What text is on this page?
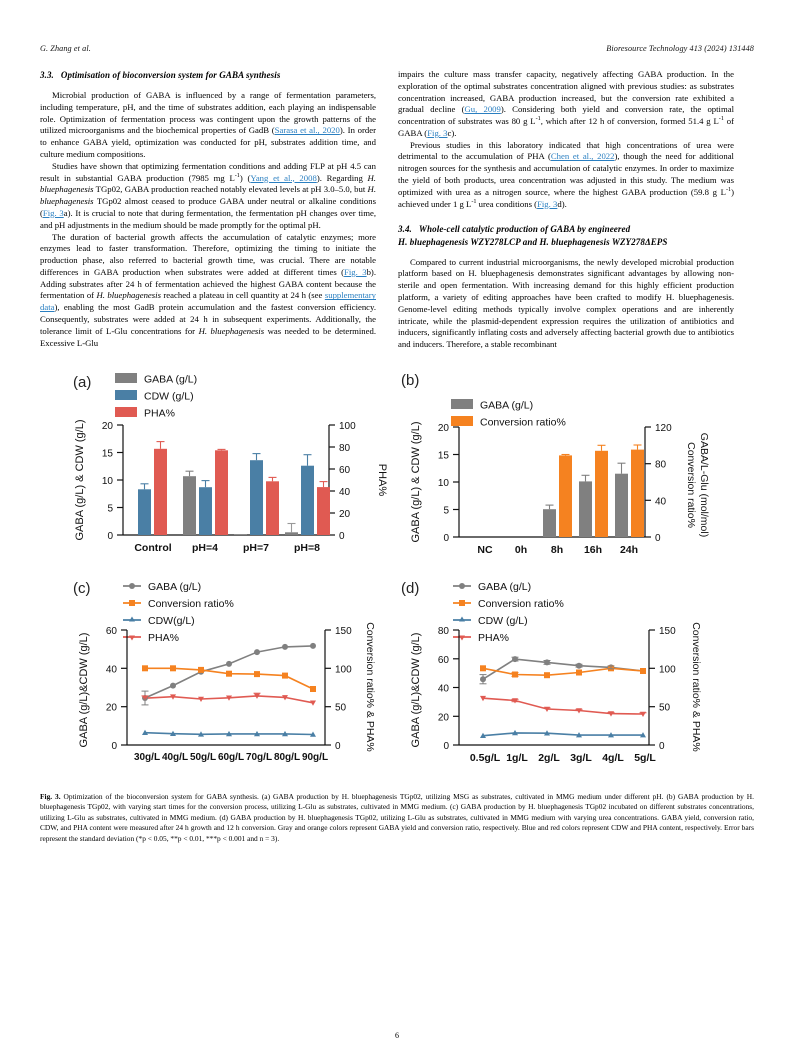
G. Zhang et al.	Bioresource Technology 413 (2024) 131448
3.3. Optimisation of bioconversion system for GABA synthesis

Microbial production of GABA is influenced by a range of fermentation parameters, including temperature, pH, and the time of substrates addition, each playing an indispensable role. Optimization of fermentation process was contingent upon the growth patterns of the utilized microorganisms and the biochemical properties of GadB (Sarasa et al., 2020). In order to enhance GABA yield, optimization was conducted for pH, substrates addition time, and culture medium compositions.

Studies have shown that optimizing fermentation conditions and adding FLP at pH 4.5 can result in substantial GABA production (7985 mg $L^{-1}$) (Yang et al., 2008). Regarding H. bluephagenesis TGp02, GABA production reached notably elevated levels at pH 3.0–5.0, but H. bluephagenesis TGp02 almost ceased to produce GABA under neutral or alkaline conditions (Fig. 3a). It is crucial to note that during fermentation, the fermentation pH changes over time, and pH adjustments in the medium should be made promptly for the optimal pH.

The duration of bacterial growth affects the accumulation of catalytic enzymes; more enzymes lead to faster transformation. Therefore, optimizing the timing to initiate the production phase, also referred to bacterial growth time, was crucial. There are notable differences in GABA production when substrates were added at different times (Fig. 3b). Adding substrates after 24 h of fermentation achieved the highest GABA content because the fermentation of H. bluephagenesis reached a plateau in cell quantity at 24 h (see supplementary data), enabling the most GadB protein accumulation and the fastest conversion efficiency. Consequently, substrates were added at 24 h in subsequent experiments. Additionally, the tolerance limit of L-Glu concentrations for H. bluephagenesis was needed to be determined. Excessive L-Glu

impairs the culture mass transfer capacity, negatively affecting GABA production. In the exploration of the optimal substrates concentration aligned with previous studies: as substrates concentration increased, GABA production increased, but the conversion rate exhibited a gradual decline (Gu, 2009). Considering both yield and conversion rate, the optimal concentration of substrates was 80 g $L^{-1}$, which after 12 h of conversion, formed 51.4 g $L^{-1}$ of GABA (Fig. 3c).

Previous studies in this laboratory indicated that high concentrations of urea were detrimental to the accumulation of PHA (Chen et al., 2022), though the need for additional nitrogen sources for the synthesis and accumulation of catalytic enzymes. In order to maximize the yield of both products, urea concentration was adjusted in this study. The medium was optimized with urea as a nitrogen source, where the highest GABA production (59.8 g $L^{-1}$) achieved under 1 g $L^{-1}$ urea conditions (Fig. 3d).

3.4. Whole-cell catalytic production of GABA by engineered
H. bluephagenesis WZY278LCP and H. bluephagenesis WZY278ΔEPS

Compared to current industrial microorganisms, the newly developed microbial production platform based on H. bluephagenesis demonstrates significant advantages by allowing non-sterile and open fermentation. With increasing demand for this highly efficient production platform, a variety of editing approaches have been crafted to modify H. bluephagenesis. Genome-level editing methods typically involve complex operations and are inherently intricate, while the plasmid-dependent expression requires the utilization of antibiotics and inducers, significantly inflating costs and adversely affecting bacterial growth due to antibiotics and inducers. Therefore, a stable recombinant

(a)	GABA (g/L)
CDW (g/L)
PHA%
20
15
10
5
0
100
80
60
40
20
0
GABA (g/L) & CDW (g/L)	PHA%
Control pH=4 pH=7 pH=8
(b)
GABA (g/L)
Conversion ratio%
20
15
10
5
0
120
80
40
0
GABA (g/L) & CDW (g/L)	Conversion ratio% GABA/L-Glu (mol/mol)
NC 0h 8h 16h 24h
(c)	GABA (g/L)
Conversion ratio%
CDW(g/L)
PHA%
60
40
20
0
150
100
50
0
GABA (g/L)&CDW (g/L)	Conversion ratio% & PHA%
30g/L 40g/L 50g/L 60g/L 70g/L 80g/L 90g/L
(d)	GABA (g/L)
Conversion ratio%
CDW (g/L)
PHA%
80
60
40
20
0
150
100
50
0
GABA (g/L)&CDW (g/L)	Conversion ratio% & PHA%
0.5g/L 1g/L 2g/L 3g/L 4g/L 5g/L
Fig. 3. Optimization of the bioconversion system for GABA synthesis. (a) GABA production by H. bluephagenesis TGp02, utilizing MSG as substrates, cultivated in MMG medium under different pH. (b) GABA production by H. bluephagenesis TGp02, with varying start times for the conversion process, utilizing L-Glu as substrates, cultivated in MMG medium. (c) GABA production by H. bluephagenesis TGp02 incubated on different substrates concentrations, utilizing L-Glu as substrates, cultivated in MMG medium. (d) GABA production by H. bluephagenesis TGp02, utilizing L-Glu as substrates, cultivated in MMG medium with varying urea concentrations. GABA yield, conversion ratio, CDW, and PHA content were measured after 24 h growth and 12 h conversion. Gray and orange colors represent GABA yield and conversion ratio, respectively. Blue and red colors represent CDW and PHA content, respectively. Error bars represent the standard deviation (*p < 0.05, **p < 0.01, ***p < 0.001 and n = 3).
6
